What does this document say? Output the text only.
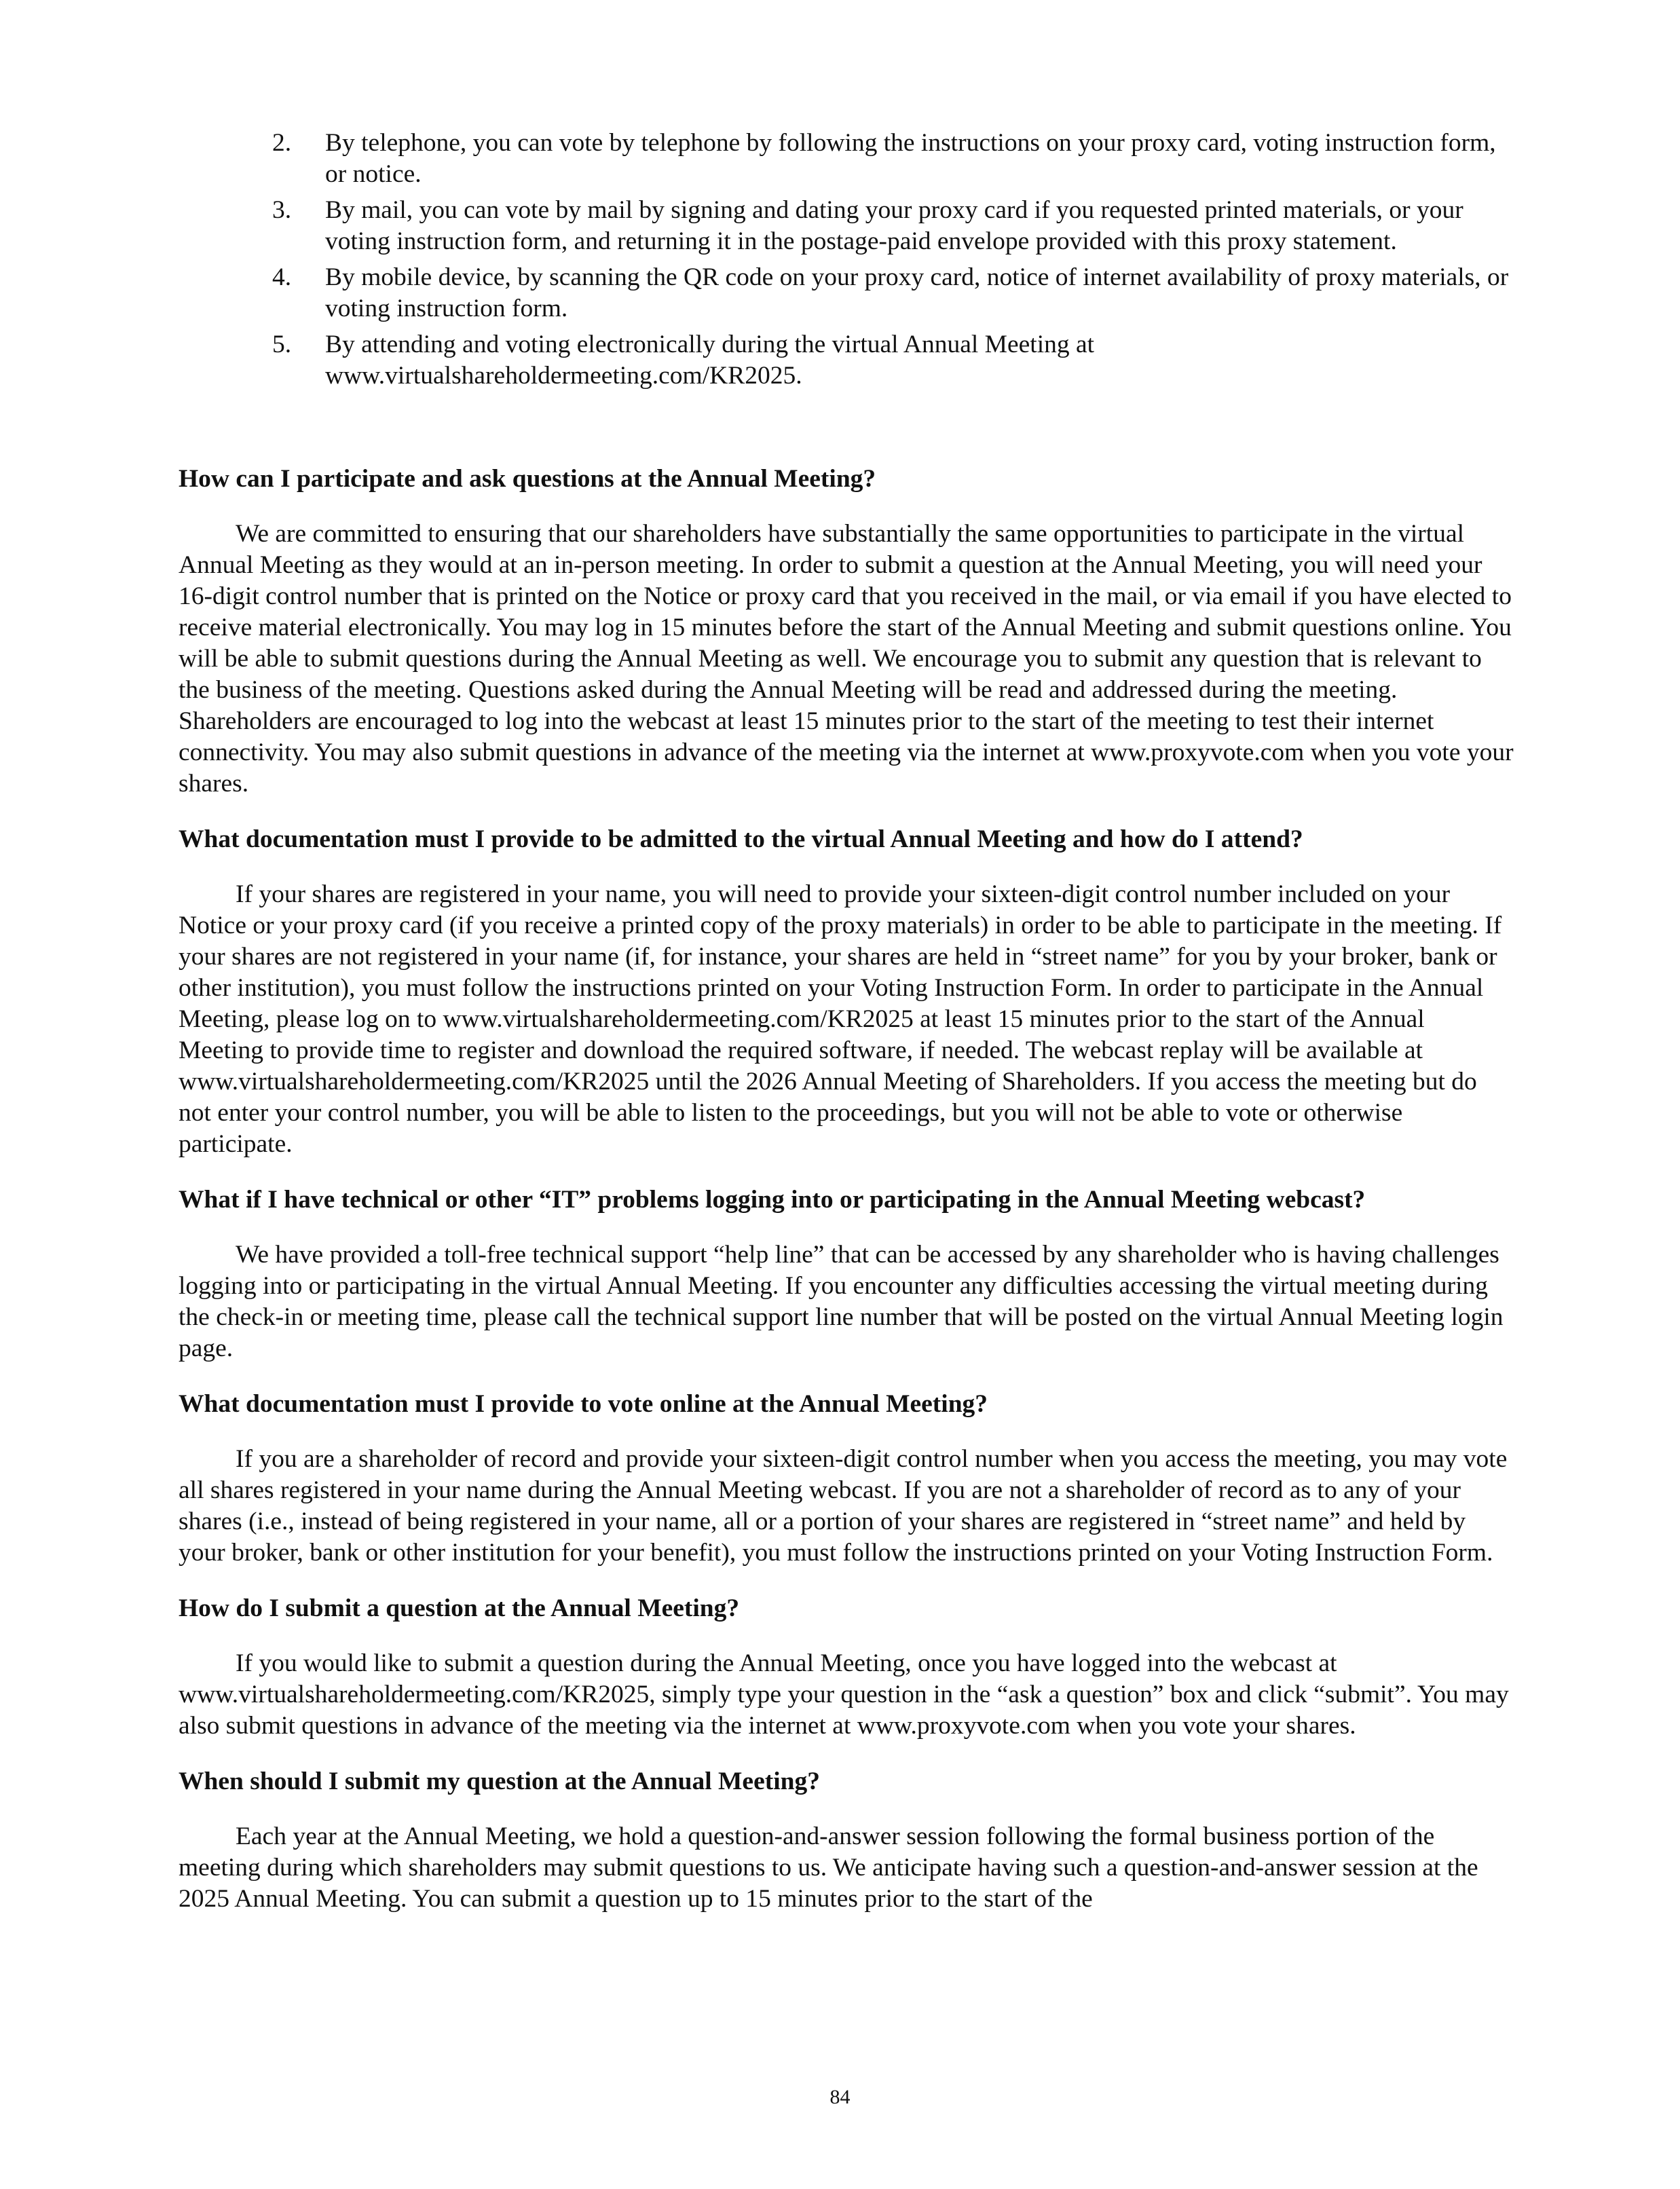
2. By telephone, you can vote by telephone by following the instructions on your proxy card, voting instruction form, or notice.
3. By mail, you can vote by mail by signing and dating your proxy card if you requested printed materials, or your voting instruction form, and returning it in the postage-paid envelope provided with this proxy statement.
4. By mobile device, by scanning the QR code on your proxy card, notice of internet availability of proxy materials, or voting instruction form.
5. By attending and voting electronically during the virtual Annual Meeting at www.virtualshareholdermeeting.com/KR2025.
How can I participate and ask questions at the Annual Meeting?
We are committed to ensuring that our shareholders have substantially the same opportunities to participate in the virtual Annual Meeting as they would at an in-person meeting. In order to submit a question at the Annual Meeting, you will need your 16-digit control number that is printed on the Notice or proxy card that you received in the mail, or via email if you have elected to receive material electronically. You may log in 15 minutes before the start of the Annual Meeting and submit questions online. You will be able to submit questions during the Annual Meeting as well. We encourage you to submit any question that is relevant to the business of the meeting. Questions asked during the Annual Meeting will be read and addressed during the meeting. Shareholders are encouraged to log into the webcast at least 15 minutes prior to the start of the meeting to test their internet connectivity. You may also submit questions in advance of the meeting via the internet at www.proxyvote.com when you vote your shares.
What documentation must I provide to be admitted to the virtual Annual Meeting and how do I attend?
If your shares are registered in your name, you will need to provide your sixteen-digit control number included on your Notice or your proxy card (if you receive a printed copy of the proxy materials) in order to be able to participate in the meeting. If your shares are not registered in your name (if, for instance, your shares are held in “street name” for you by your broker, bank or other institution), you must follow the instructions printed on your Voting Instruction Form. In order to participate in the Annual Meeting, please log on to www.virtualshareholdermeeting.com/KR2025 at least 15 minutes prior to the start of the Annual Meeting to provide time to register and download the required software, if needed. The webcast replay will be available at www.virtualshareholdermeeting.com/KR2025 until the 2026 Annual Meeting of Shareholders. If you access the meeting but do not enter your control number, you will be able to listen to the proceedings, but you will not be able to vote or otherwise participate.
What if I have technical or other “IT” problems logging into or participating in the Annual Meeting webcast?
We have provided a toll-free technical support “help line” that can be accessed by any shareholder who is having challenges logging into or participating in the virtual Annual Meeting. If you encounter any difficulties accessing the virtual meeting during the check-in or meeting time, please call the technical support line number that will be posted on the virtual Annual Meeting login page.
What documentation must I provide to vote online at the Annual Meeting?
If you are a shareholder of record and provide your sixteen-digit control number when you access the meeting, you may vote all shares registered in your name during the Annual Meeting webcast. If you are not a shareholder of record as to any of your shares (i.e., instead of being registered in your name, all or a portion of your shares are registered in “street name” and held by your broker, bank or other institution for your benefit), you must follow the instructions printed on your Voting Instruction Form.
How do I submit a question at the Annual Meeting?
If you would like to submit a question during the Annual Meeting, once you have logged into the webcast at www.virtualshareholdermeeting.com/KR2025, simply type your question in the “ask a question” box and click “submit”. You may also submit questions in advance of the meeting via the internet at www.proxyvote.com when you vote your shares.
When should I submit my question at the Annual Meeting?
Each year at the Annual Meeting, we hold a question-and-answer session following the formal business portion of the meeting during which shareholders may submit questions to us. We anticipate having such a question-and-answer session at the 2025 Annual Meeting. You can submit a question up to 15 minutes prior to the start of the
84
